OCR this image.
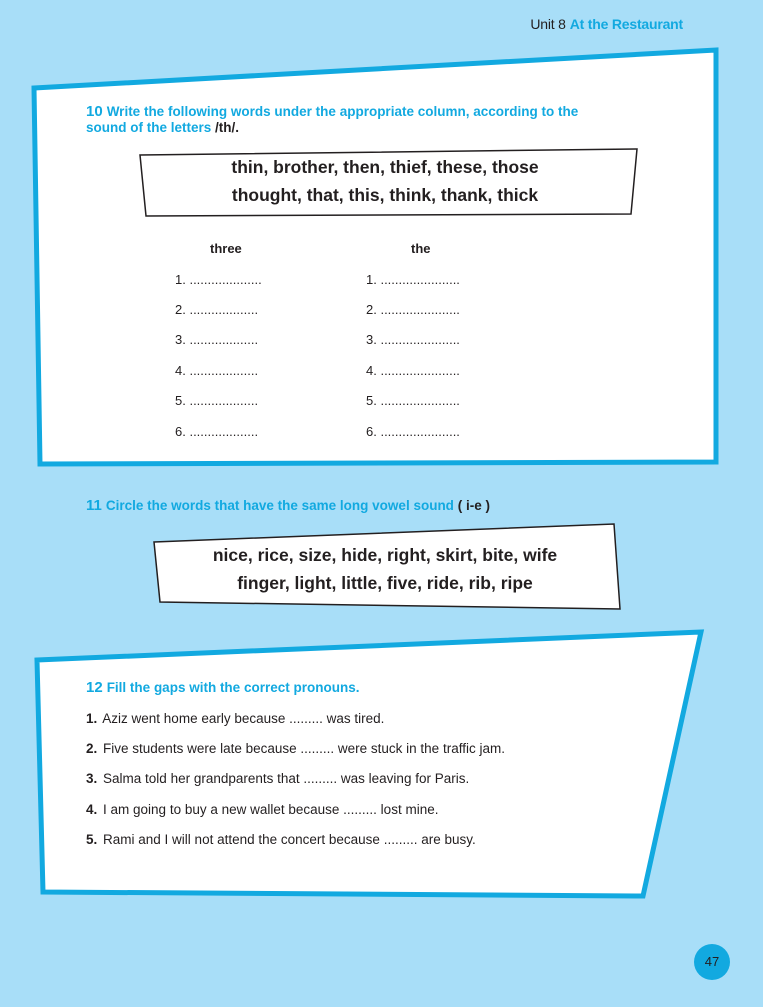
Unit 8 At the Restaurant
10 Write the following words under the appropriate column, according to the
sound of the letters /th/.
thin, brother, then, thief, these, those
thought, that, this, think, thank, thick
three	the
1. ....................
2. ...................
3. ...................
4. ...................
5. ...................
6. ...................
1. ......................
2. ......................
3. ......................
4. ......................
5. ......................
6. ......................
11 Circle the words that have the same long vowel sound ( i-e )
nice, rice, size, hide, right, skirt, bite, wife
finger, light, little, five, ride, rib, ripe
12 Fill the gaps with the correct pronouns.
1. Aziz went home early because ......... was tired.
2. Five students were late because ......... were stuck in the traffic jam.
3. Salma told her grandparents that ......... was leaving for Paris.
4. I am going to buy a new wallet because ......... lost mine.
5. Rami and I will not attend the concert because ......... are busy.
47
